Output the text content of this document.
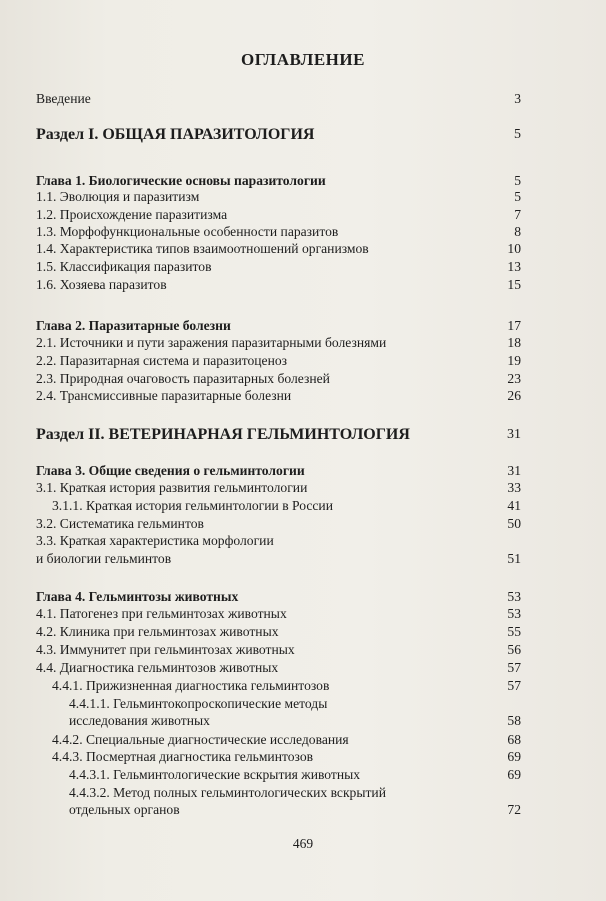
ОГЛАВЛЕНИЕ
Введение	3
Раздел I. ОБЩАЯ ПАРАЗИТОЛОГИЯ	5
Глава 1. Биологические основы паразитологии	5
1.1. Эволюция и паразитизм	5
1.2. Происхождение паразитизма	7
1.3. Морфофункциональные особенности паразитов	8
1.4. Характеристика типов взаимоотношений организмов	10
1.5. Классификация паразитов	13
1.6. Хозяева паразитов	15
Глава 2. Паразитарные болезни	17
2.1. Источники и пути заражения паразитарными болезнями	18
2.2. Паразитарная система и паразитоценоз	19
2.3. Природная очаговость паразитарных болезней	23
2.4. Трансмиссивные паразитарные болезни	26
Раздел II. ВЕТЕРИНАРНАЯ ГЕЛЬМИНТОЛОГИЯ	31
Глава 3. Общие сведения о гельминтологии	31
3.1. Краткая история развития гельминтологии	33
3.1.1. Краткая история гельминтологии в России	41
3.2. Систематика гельминтов	50
3.3. Краткая характеристика морфологии
и биологии гельминтов	51
Глава 4. Гельминтозы животных	53
4.1. Патогенез при гельминтозах животных	53
4.2. Клиника при гельминтозах животных	55
4.3. Иммунитет при гельминтозах животных	56
4.4. Диагностика гельминтозов животных	57
4.4.1. Прижизненная диагностика гельминтозов	57
4.4.1.1. Гельминтокопроскопические методы
исследования животных	58
4.4.2. Специальные диагностические исследования	68
4.4.3. Посмертная диагностика гельминтозов	69
4.4.3.1. Гельминтологические вскрытия животных	69
4.4.3.2. Метод полных гельминтологических вскрытий
отдельных органов	72
469
